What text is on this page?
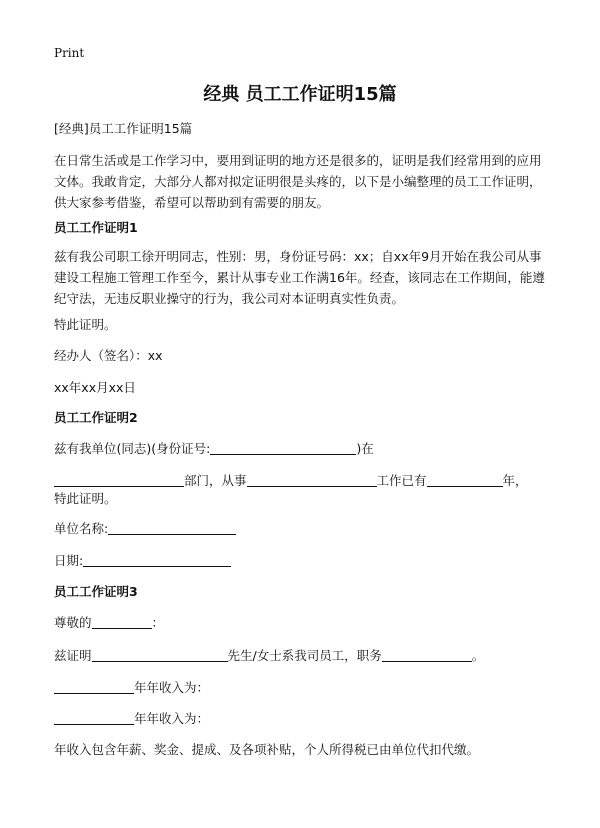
Print
经典 员工工作证明15篇
[经典]员工工作证明15篇
在日常生活或是工作学习中，要用到证明的地方还是很多的，证明是我们经常用到的应用文体。我敢肯定，大部分人都对拟定证明很是头疼的，以下是小编整理的员工工作证明，供大家参考借鉴，希望可以帮助到有需要的朋友。
员工工作证明1
兹有我公司职工徐开明同志，性别：男，身份证号码：xx；自xx年9月开始在我公司从事建设工程施工管理工作至今，累计从事专业工作满16年。经查，该同志在工作期间，能遵纪守法，无违反职业操守的行为，我公司对本证明真实性负责。
特此证明。
经办人（签名）：xx
xx年xx月xx日
员工工作证明2
兹有我单位(同志)(身份证号:	)在
部门，从事	工作已有	年，
特此证明。
单位名称:
日期:
员工工作证明3
尊敬的	：
兹证明	先生/女士系我司员工，职务	。
年年收入为：
年年收入为：
年收入包含年薪、奖金、提成、及各项补贴，个人所得税已由单位代扣代缴。
